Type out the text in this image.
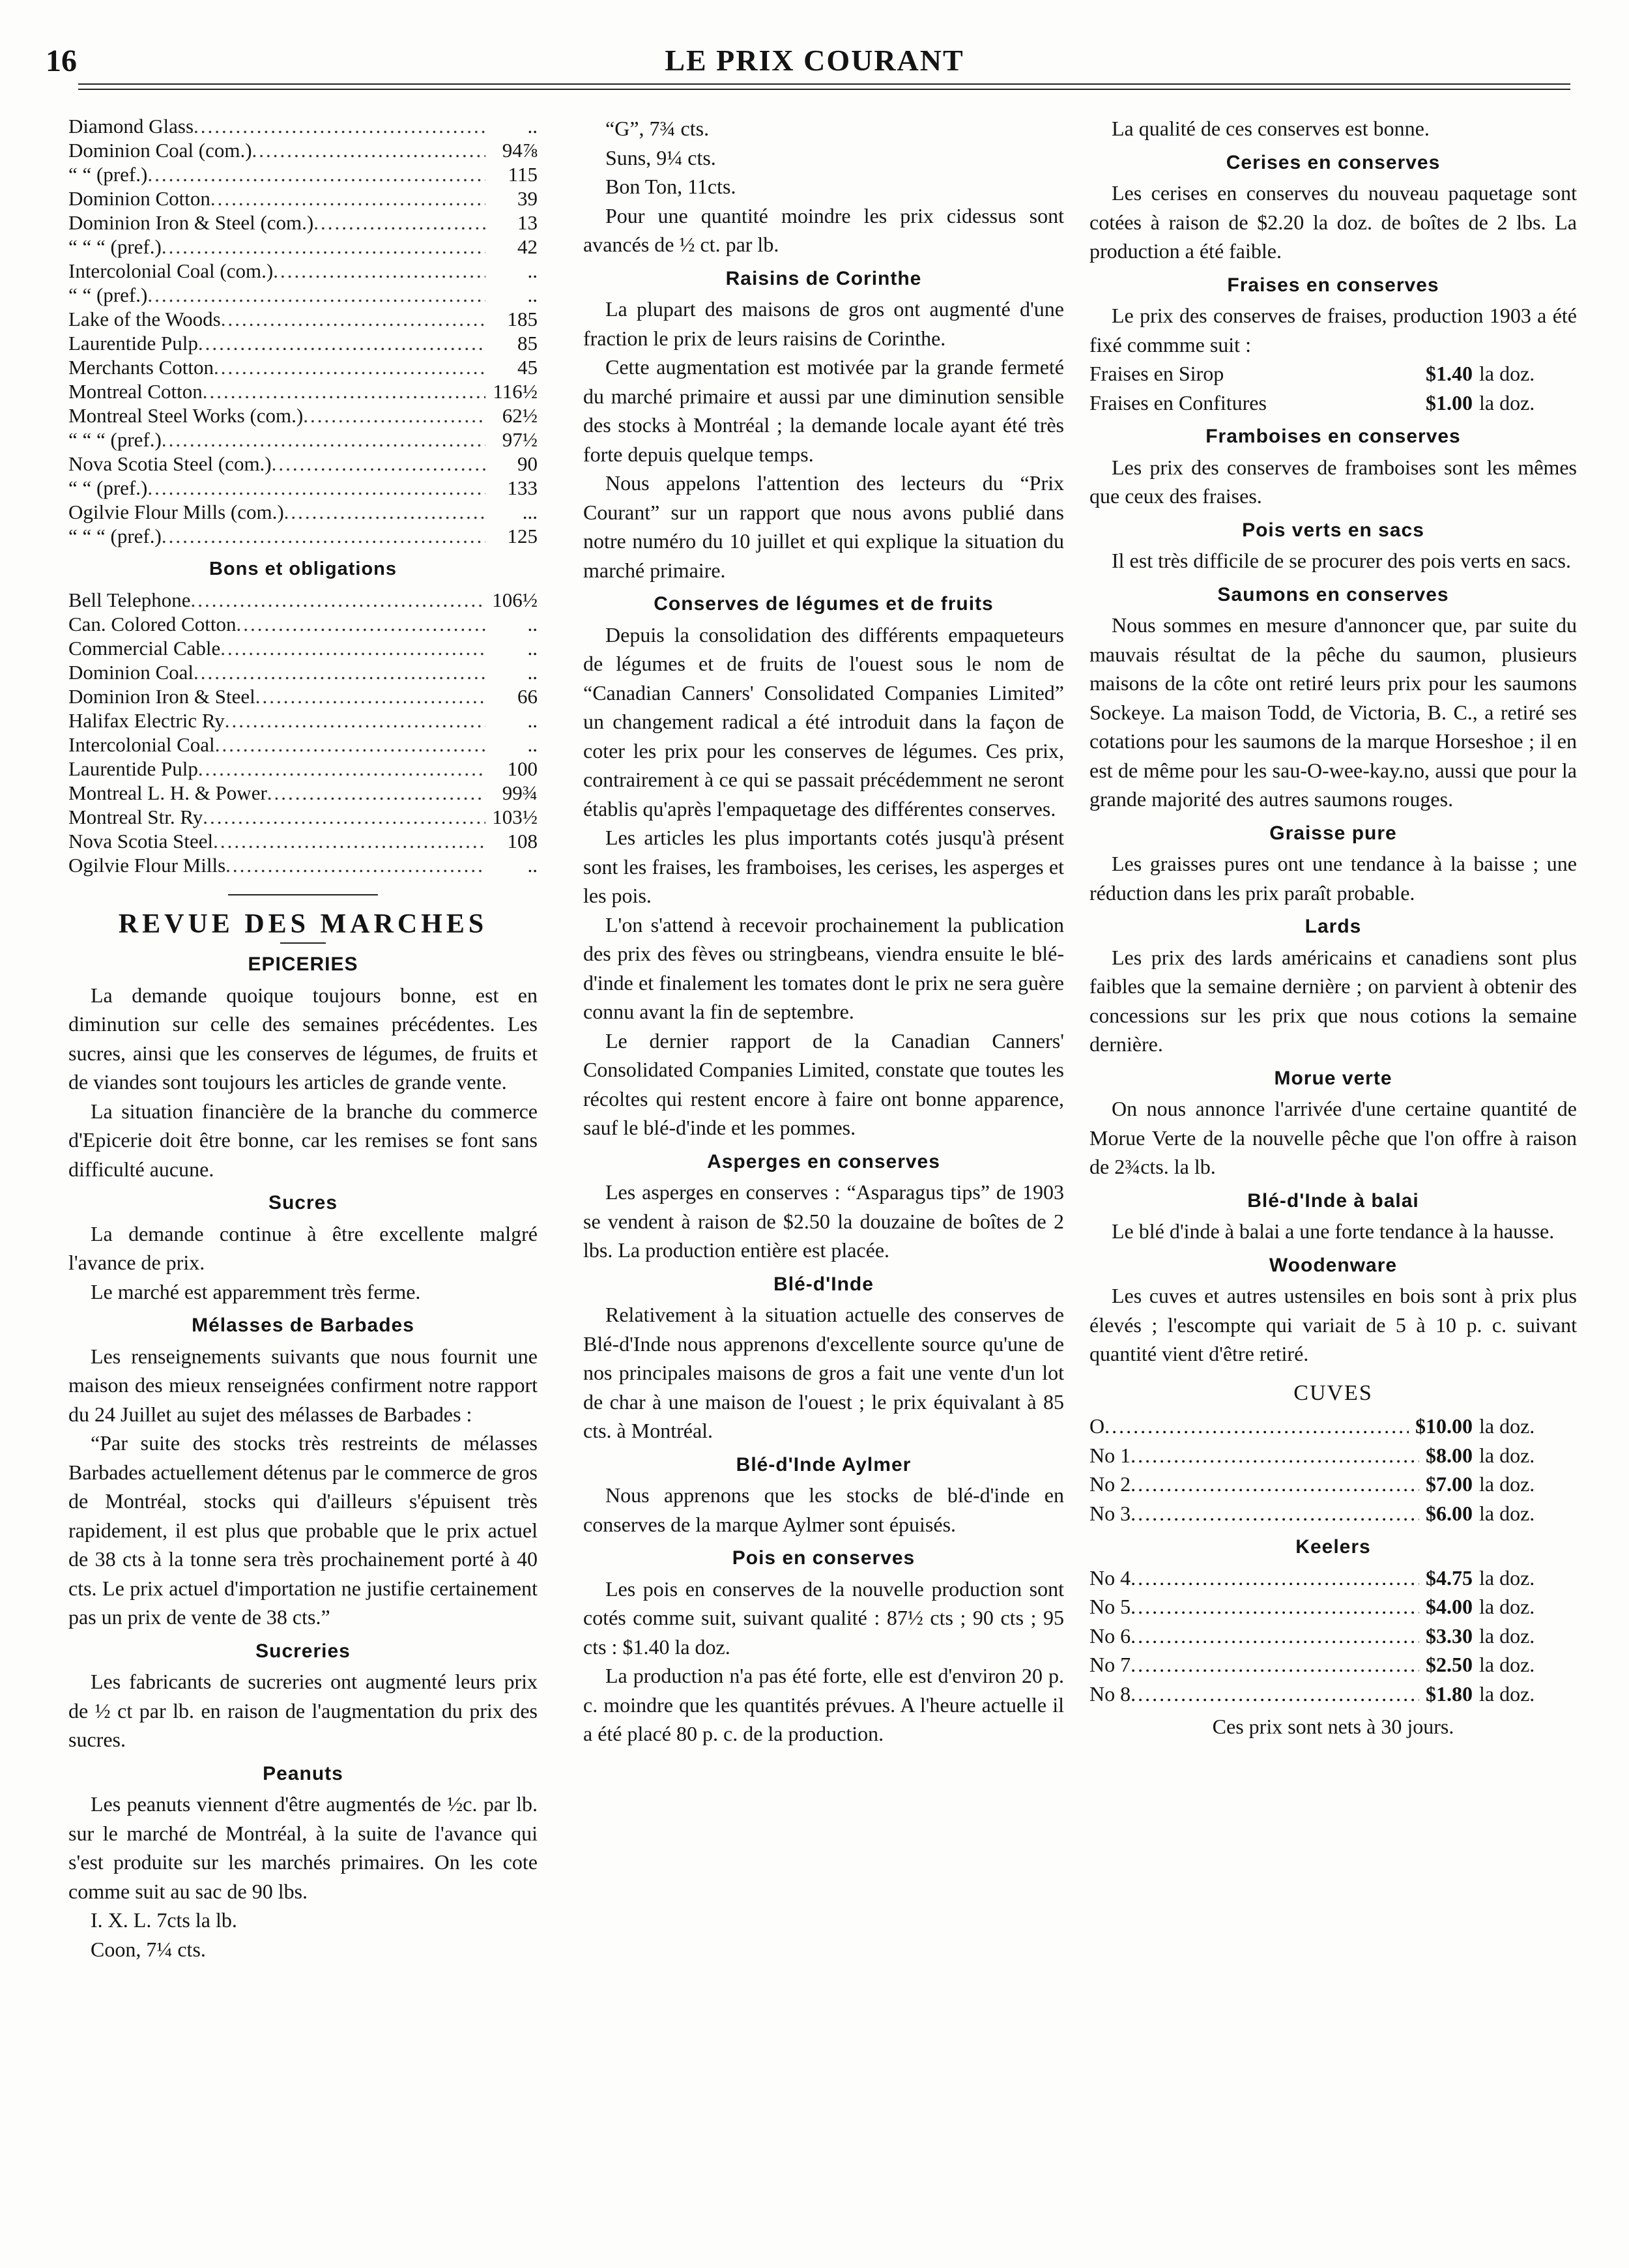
16	LE PRIX COURANT
Diamond Glass .....	..
Dominion Coal (com.) .....	94⅞
“ “ (pref.) .....	115
Dominion Cotton .....	39
Dominion Iron & Steel (com.) .....	13
“ “ “ (pref.) .....	42
Intercolonial Coal (com.) .....	..
“ “ (pref.) .....	..
Lake of the Woods .....	185
Laurentide Pulp .....	85
Merchants Cotton .....	45
Montreal Cotton .....	116½
Montreal Steel Works (com.) .....	62½
“ “ “ (pref.) .....	97½
Nova Scotia Steel (com.) .....	90
“ “ (pref.) .....	133
Ogilvie Flour Mills (com.) .....	...
“ “ “ (pref.) .....	125
Bons et obligations
Bell Telephone .....	106½
Can. Colored Cotton .....	..
Commercial Cable .....	..
Dominion Coal .....	..
Dominion Iron & Steel .....	66
Halifax Electric Ry .....	..
Intercolonial Coal .....	..
Laurentide Pulp .....	100
Montreal L. H. & Power .....	99¾
Montreal Str. Ry .....	103½
Nova Scotia Steel .....	108
Ogilvie Flour Mills .....	..
REVUE DES MARCHES
EPICERIES

La demande quoique toujours bonne, est en diminution sur celle des semaines précédentes. Les sucres, ainsi que les conserves de légumes, de fruits et de viandes sont toujours les articles de grande vente.

La situation financière de la branche du commerce d'Epicerie doit être bonne, car les remises se font sans difficulté aucune.

Sucres

La demande continue à être excellente malgré l'avance de prix.

Le marché est apparemment très ferme.

Mélasses de Barbades

Les renseignements suivants que nous fournit une maison des mieux renseignées confirment notre rapport du 24 Juillet au sujet des mélasses de Barbades :

“Par suite des stocks très restreints de mélasses Barbades actuellement détenus par le commerce de gros de Montréal, stocks qui d'ailleurs s'épuisent très rapidement, il est plus que probable que le prix actuel de 38 cts à la tonne sera très prochainement porté à 40 cts. Le prix actuel d'importation ne justifie certainement pas un prix de vente de 38 cts.”

Sucreries

Les fabricants de sucreries ont augmenté leurs prix de ½ ct par lb. en raison de l'augmentation du prix des sucres.

Peanuts

Les peanuts viennent d'être augmentés de ½c. par lb. sur le marché de Montréal, à la suite de l'avance qui s'est produite sur les marchés primaires. On les cote comme suit au sac de 90 lbs.

I. X. L. 7cts la lb.
Coon, 7¼ cts.
“G”, 7¾ cts.
Suns, 9¼ cts.
Bon Ton, 11cts.

Pour une quantité moindre les prix cidessus sont avancés de ½ ct. par lb.

Raisins de Corinthe

La plupart des maisons de gros ont augmenté d'une fraction le prix de leurs raisins de Corinthe.

Cette augmentation est motivée par la grande fermeté du marché primaire et aussi par une diminution sensible des stocks à Montréal ; la demande locale ayant été très forte depuis quelque temps.

Nous appelons l'attention des lecteurs du “Prix Courant” sur un rapport que nous avons publié dans notre numéro du 10 juillet et qui explique la situation du marché primaire.

Conserves de légumes et de fruits

Depuis la consolidation des différents empaqueteurs de légumes et de fruits de l'ouest sous le nom de “Canadian Canners' Consolidated Companies Limited” un changement radical a été introduit dans la façon de coter les prix pour les conserves de légumes. Ces prix, contrairement à ce qui se passait précédemment ne seront établis qu'après l'empaquetage des différentes conserves.

Les articles les plus importants cotés jusqu'à présent sont les fraises, les framboises, les cerises, les asperges et les pois.

L'on s'attend à recevoir prochainement la publication des prix des fèves ou stringbeans, viendra ensuite le blé-d'inde et finalement les tomates dont le prix ne sera guère connu avant la fin de septembre.

Le dernier rapport de la Canadian Canners' Consolidated Companies Limited, constate que toutes les récoltes qui restent encore à faire ont bonne apparence, sauf le blé-d'inde et les pommes.

Asperges en conserves

Les asperges en conserves : “Asparagus tips” de 1903 se vendent à raison de $2.50 la douzaine de boîtes de 2 lbs. La production entière est placée.

Blé-d'Inde

Relativement à la situation actuelle des conserves de Blé-d'Inde nous apprenons d'excellente source qu'une de nos principales maisons de gros a fait une vente d'un lot de char à une maison de l'ouest ; le prix équivalant à 85 cts. à Montréal.

Blé-d'Inde Aylmer

Nous apprenons que les stocks de blé-d'inde en conserves de la marque Aylmer sont épuisés.

Pois en conserves

Les pois en conserves de la nouvelle production sont cotés comme suit, suivant qualité : 87½ cts ; 90 cts ; 95 cts : $1.40 la doz.

La production n'a pas été forte, elle est d'environ 20 p. c. moindre que les quantités prévues. A l'heure actuelle il a été placé 80 p. c. de la production.

La qualité de ces conserves est bonne.

Cerises en conserves

Les cerises en conserves du nouveau paquetage sont cotées à raison de $2.20 la doz. de boîtes de 2 lbs. La production a été faible.

Fraises en conserves

Le prix des conserves de fraises, production 1903 a été fixé commme suit :

Fraises en Sirop	$1.40 la doz.
Fraises en Confitures	$1.00 la doz.
Framboises en conserves

Les prix des conserves de framboises sont les mêmes que ceux des fraises.

Pois verts en sacs

Il est très difficile de se procurer des pois verts en sacs.

Saumons en conserves

Nous sommes en mesure d'annoncer que, par suite du mauvais résultat de la pêche du saumon, plusieurs maisons de la côte ont retiré leurs prix pour les saumons Sockeye. La maison Todd, de Victoria, B. C., a retiré ses cotations pour les saumons de la marque Horseshoe ; il en est de même pour les sau-O-wee-kay.no, aussi que pour la grande majorité des autres saumons rouges.

Graisse pure

Les graisses pures ont une tendance à la baisse ; une réduction dans les prix paraît probable.

Lards

Les prix des lards américains et canadiens sont plus faibles que la semaine dernière ; on parvient à obtenir des concessions sur les prix que nous cotions la semaine dernière.

Morue verte

On nous annonce l'arrivée d'une certaine quantité de Morue Verte de la nouvelle pêche que l'on offre à raison de 2¾cts. la lb.

Blé-d'Inde à balai

Le blé d'inde à balai a une forte tendance à la hausse.

Woodenware

Les cuves et autres ustensiles en bois sont à prix plus élevés ; l'escompte qui variait de 5 à 10 p. c. suivant quantité vient d'être retiré.

CUVES
O .....	$10.00 la doz.
No 1 .....	$8.00 la doz.
No 2 .....	$7.00 la doz.
No 3 .....	$6.00 la doz.
Keelers
No 4 .....	$4.75 la doz.
No 5 .....	$4.00 la doz.
No 6 .....	$3.30 la doz.
No 7 .....	$2.50 la doz.
No 8 .....	$1.80 la doz.
Ces prix sont nets à 30 jours.
